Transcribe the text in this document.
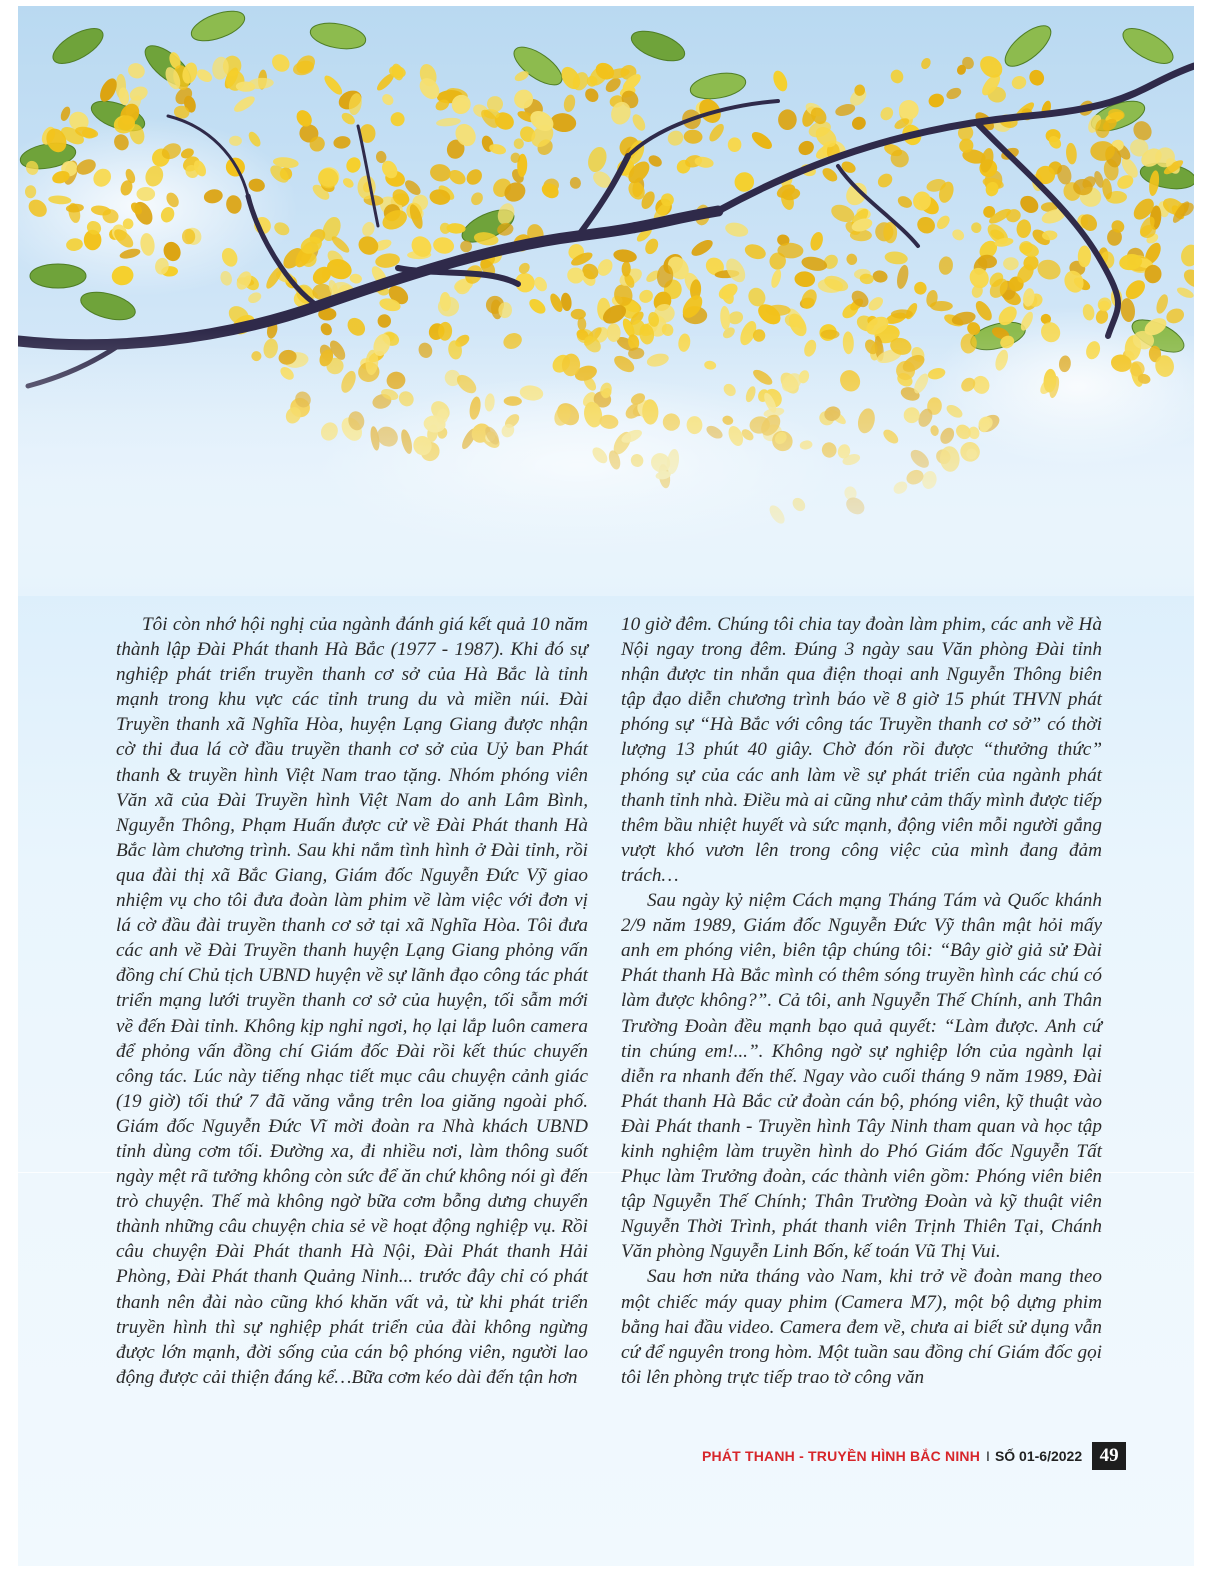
Tôi còn nhớ hội nghị của ngành đánh giá kết quả 10 năm thành lập Đài Phát thanh Hà Bắc (1977 - 1987). Khi đó sự nghiệp phát triển truyền thanh cơ sở của Hà Bắc là tỉnh mạnh trong khu vực các tỉnh trung du và miền núi. Đài Truyền thanh xã Nghĩa Hòa, huyện Lạng Giang được nhận cờ thi đua lá cờ đầu truyền thanh cơ sở của Uỷ ban Phát thanh & truyền hình Việt Nam trao tặng. Nhóm phóng viên Văn xã của Đài Truyền hình Việt Nam do anh Lâm Bình, Nguyễn Thông, Phạm Huấn được cử về Đài Phát thanh Hà Bắc làm chương trình. Sau khi nắm tình hình ở Đài tỉnh, rồi qua đài thị xã Bắc Giang, Giám đốc Nguyễn Đức Vỹ giao nhiệm vụ cho tôi đưa đoàn làm phim về làm việc với đơn vị lá cờ đầu đài truyền thanh cơ sở tại xã Nghĩa Hòa. Tôi đưa các anh về Đài Truyền thanh huyện Lạng Giang phỏng vấn đồng chí Chủ tịch UBND huyện về sự lãnh đạo công tác phát triển mạng lưới truyền thanh cơ sở của huyện, tối sẫm mới về đến Đài tỉnh. Không kịp nghỉ ngơi, họ lại lắp luôn camera để phỏng vấn đồng chí Giám đốc Đài rồi kết thúc chuyến công tác. Lúc này tiếng nhạc tiết mục câu chuyện cảnh giác (19 giờ) tối thứ 7 đã văng vẳng trên loa giăng ngoài phố. Giám đốc Nguyễn Đức Vĩ mời đoàn ra Nhà khách UBND tỉnh dùng cơm tối. Đường xa, đi nhiều nơi, làm thông suốt ngày mệt rã tưởng không còn sức để ăn chứ không nói gì đến trò chuyện. Thế mà không ngờ bữa cơm bỗng dưng chuyển thành những câu chuyện chia sẻ về hoạt động nghiệp vụ. Rồi câu chuyện Đài Phát thanh Hà Nội, Đài Phát thanh Hải Phòng, Đài Phát thanh Quảng Ninh... trước đây chỉ có phát thanh nên đài nào cũng khó khăn vất vả, từ khi phát triển truyền hình thì sự nghiệp phát triển của đài không ngừng được lớn mạnh, đời sống của cán bộ phóng viên, người lao động được cải thiện đáng kể…Bữa cơm kéo dài đến tận hơn

10 giờ đêm. Chúng tôi chia tay đoàn làm phim, các anh về Hà Nội ngay trong đêm. Đúng 3 ngày sau Văn phòng Đài tỉnh nhận được tin nhắn qua điện thoại anh Nguyễn Thông biên tập đạo diễn chương trình báo về 8 giờ 15 phút THVN phát phóng sự “Hà Bắc với công tác Truyền thanh cơ sở” có thời lượng 13 phút 40 giây. Chờ đón rồi được “thưởng thức” phóng sự của các anh làm về sự phát triển của ngành phát thanh tỉnh nhà. Điều mà ai cũng như cảm thấy mình được tiếp thêm bầu nhiệt huyết và sức mạnh, động viên mỗi người gắng vượt khó vươn lên trong công việc của mình đang đảm trách…

Sau ngày kỷ niệm Cách mạng Tháng Tám và Quốc khánh 2/9 năm 1989, Giám đốc Nguyễn Đức Vỹ thân mật hỏi mấy anh em phóng viên, biên tập chúng tôi: “Bây giờ giả sử Đài Phát thanh Hà Bắc mình có thêm sóng truyền hình các chú có làm được không?”. Cả tôi, anh Nguyễn Thế Chính, anh Thân Trường Đoàn đều mạnh bạo quả quyết: “Làm được. Anh cứ tin chúng em!...”. Không ngờ sự nghiệp lớn của ngành lại diễn ra nhanh đến thế. Ngay vào cuối tháng 9 năm 1989, Đài Phát thanh Hà Bắc cử đoàn cán bộ, phóng viên, kỹ thuật vào Đài Phát thanh - Truyền hình Tây Ninh tham quan và học tập kinh nghiệm làm truyền hình do Phó Giám đốc Nguyễn Tất Phục làm Trưởng đoàn, các thành viên gồm: Phóng viên biên tập Nguyễn Thế Chính; Thân Trường Đoàn và kỹ thuật viên Nguyễn Thời Trình, phát thanh viên Trịnh Thiên Tại, Chánh Văn phòng Nguyễn Linh Bốn, kế toán Vũ Thị Vui.

Sau hơn nửa tháng vào Nam, khi trở về đoàn mang theo một chiếc máy quay phim (Camera M7), một bộ dựng phim bằng hai đầu video. Camera đem về, chưa ai biết sử dụng vẫn cứ để nguyên trong hòm. Một tuần sau đồng chí Giám đốc gọi tôi lên phòng trực tiếp trao tờ công văn

PHÁT THANH - TRUYỀN HÌNH BẮC NINH I SỐ 01-6/2022 49
